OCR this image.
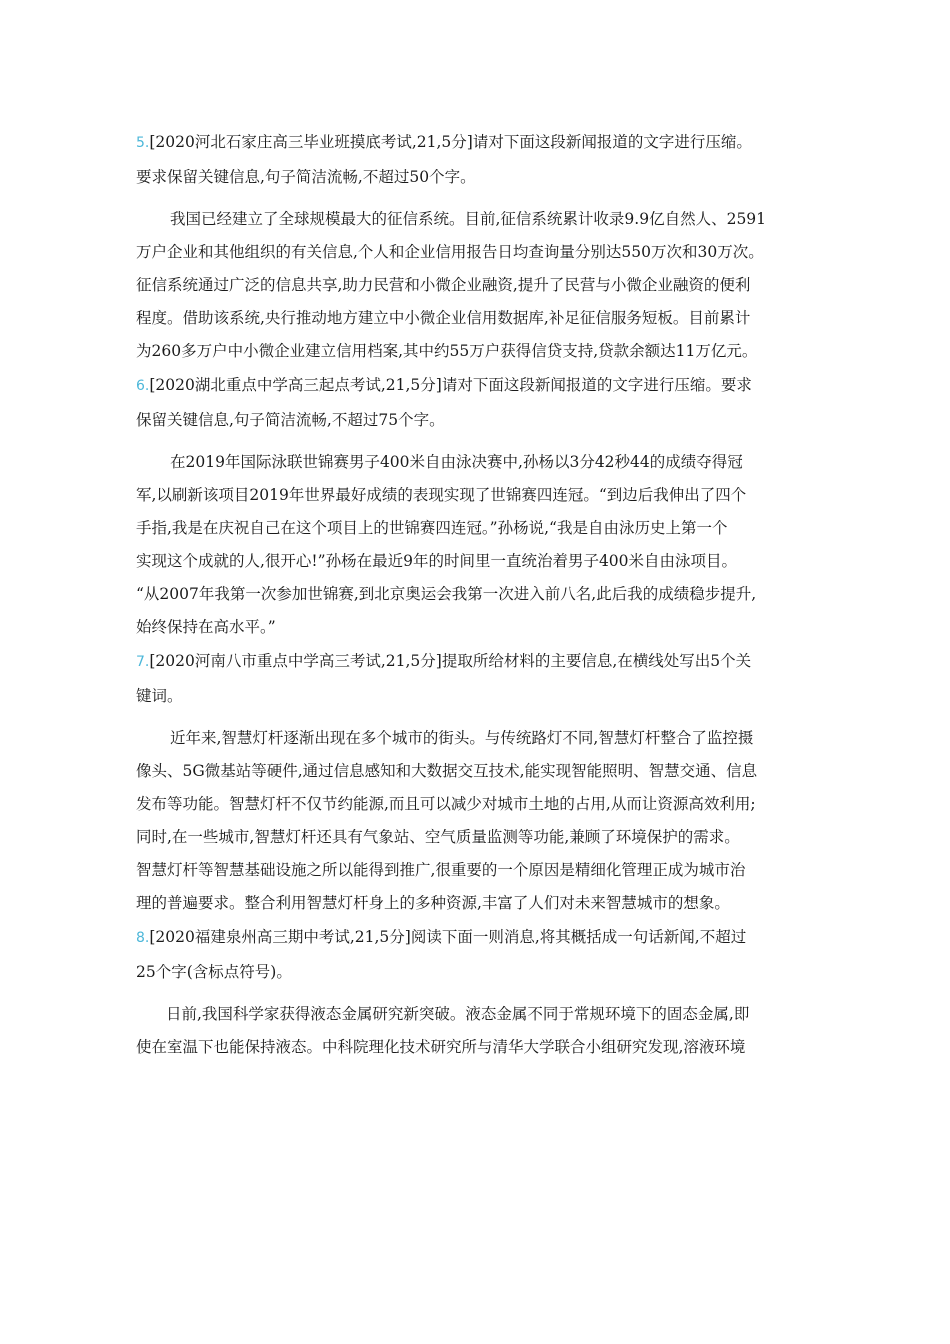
5.[2020河北石家庄高三毕业班摸底考试,21,5分]请对下面这段新闻报道的文字进行压缩。
要求保留关键信息,句子简洁流畅,不超过50个字。
我国已经建立了全球规模最大的征信系统。目前,征信系统累计收录9.9亿自然人、2591
万户企业和其他组织的有关信息,个人和企业信用报告日均查询量分别达550万次和30万次。
征信系统通过广泛的信息共享,助力民营和小微企业融资,提升了民营与小微企业融资的便利
程度。借助该系统,央行推动地方建立中小微企业信用数据库,补足征信服务短板。目前累计
为260多万户中小微企业建立信用档案,其中约55万户获得信贷支持,贷款余额达11万亿元。
6.[2020湖北重点中学高三起点考试,21,5分]请对下面这段新闻报道的文字进行压缩。要求
保留关键信息,句子简洁流畅,不超过75个字。
在2019年国际泳联世锦赛男子400米自由泳决赛中,孙杨以3分42秒44的成绩夺得冠
军,以刷新该项目2019年世界最好成绩的表现实现了世锦赛四连冠。“到边后我伸出了四个
手指,我是在庆祝自己在这个项目上的世锦赛四连冠。”孙杨说,“我是自由泳历史上第一个
实现这个成就的人,很开心!”孙杨在最近9年的时间里一直统治着男子400米自由泳项目。
“从2007年我第一次参加世锦赛,到北京奥运会我第一次进入前八名,此后我的成绩稳步提升,
始终保持在高水平。”
7.[2020河南八市重点中学高三考试,21,5分]提取所给材料的主要信息,在横线处写出5个关
键词。
近年来,智慧灯杆逐渐出现在多个城市的街头。与传统路灯不同,智慧灯杆整合了监控摄
像头、5G微基站等硬件,通过信息感知和大数据交互技术,能实现智能照明、智慧交通、信息
发布等功能。智慧灯杆不仅节约能源,而且可以减少对城市土地的占用,从而让资源高效利用;
同时,在一些城市,智慧灯杆还具有气象站、空气质量监测等功能,兼顾了环境保护的需求。
智慧灯杆等智慧基础设施之所以能得到推广,很重要的一个原因是精细化管理正成为城市治
理的普遍要求。整合利用智慧灯杆身上的多种资源,丰富了人们对未来智慧城市的想象。
8.[2020福建泉州高三期中考试,21,5分]阅读下面一则消息,将其概括成一句话新闻,不超过
25个字(含标点符号)。
日前,我国科学家获得液态金属研究新突破。液态金属不同于常规环境下的固态金属,即
使在室温下也能保持液态。中科院理化技术研究所与清华大学联合小组研究发现,溶液环境
